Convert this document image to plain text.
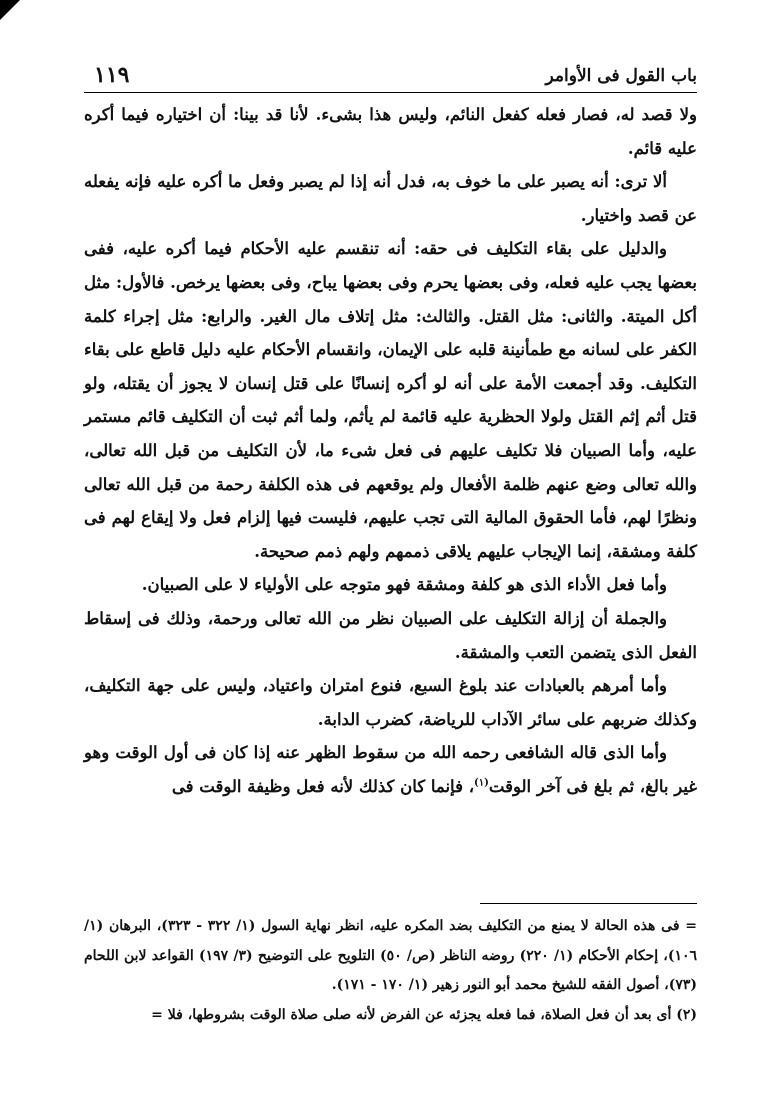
باب القول فى الأوامر
١١٩

ولا قصد له، فصار فعله كفعل النائم، وليس هذا بشىء. لأنا قد بينا: أن اختياره فيما أكره عليه قائم.

ألا ترى: أنه يصبر على ما خوف به، فدل أنه إذا لم يصبر وفعل ما أكره عليه فإنه يفعله عن قصد واختيار.

والدليل على بقاء التكليف فى حقه: أنه تنقسم عليه الأحكام فيما أكره عليه، ففى بعضها يجب عليه فعله، وفى بعضها يحرم وفى بعضها يباح، وفى بعضها يرخص. فالأول: مثل أكل الميتة. والثانى: مثل القتل. والثالث: مثل إتلاف مال الغير. والرابع: مثل إجراء كلمة الكفر على لسانه مع طمأنينة قلبه على الإيمان، وانقسام الأحكام عليه دليل قاطع على بقاء التكليف. وقد أجمعت الأمة على أنه لو أكره إنسانًا على قتل إنسان لا يجوز أن يقتله، ولو قتل أثم إثم القتل ولولا الحظرية عليه قائمة لم يأثم، ولما أثم ثبت أن التكليف قائم مستمر عليه، وأما الصبيان فلا تكليف عليهم فى فعل شىء ما، لأن التكليف من قبل الله تعالى، والله تعالى وضع عنهم ظلمة الأفعال ولم يوقعهم فى هذه الكلفة رحمة من قبل الله تعالى ونظرًا لهم، فأما الحقوق المالية التى تجب عليهم، فليست فيها إلزام فعل ولا إيقاع لهم فى كلفة ومشقة، إنما الإيجاب عليهم يلاقى ذممهم ولهم ذمم صحيحة.

وأما فعل الأداء الذى هو كلفة ومشقة فهو متوجه على الأولياء لا على الصبيان.

والجملة أن إزالة التكليف على الصبيان نظر من الله تعالى ورحمة، وذلك فى إسقاط الفعل الذى يتضمن التعب والمشقة.

وأما أمرهم بالعبادات عند بلوغ السبع، فنوع امتران واعتياد، وليس على جهة التكليف، وكذلك ضربهم على سائر الآداب للرياضة، كضرب الدابة.

وأما الذى قاله الشافعى رحمه الله من سقوط الظهر عنه إذا كان فى أول الوقت وهو غير بالغ، ثم بلغ فى آخر الوقت$^{(١)}$، فإنما كان كذلك لأنه فعل وظيفة الوقت فى

= فى هذه الحالة لا يمنع من التكليف بضد المكره عليه، انظر نهاية السول (١/ ٣٢٢ - ٣٢٣)، البرهان (١/ ١٠٦)، إحكام الأحكام (١/ ٢٢٠) روضه الناظر (ص/ ٥٠) التلويح على التوضيح (٣/ ١٩٧) القواعد لابن اللحام (٧٣)، أصول الفقه للشيخ محمد أبو النور زهير (١/ ١٧٠ - ١٧١).

(٢) أى بعد أن فعل الصلاة، فما فعله يجزئه عن الفرض لأنه صلى صلاة الوقت بشروطها، فلا =
